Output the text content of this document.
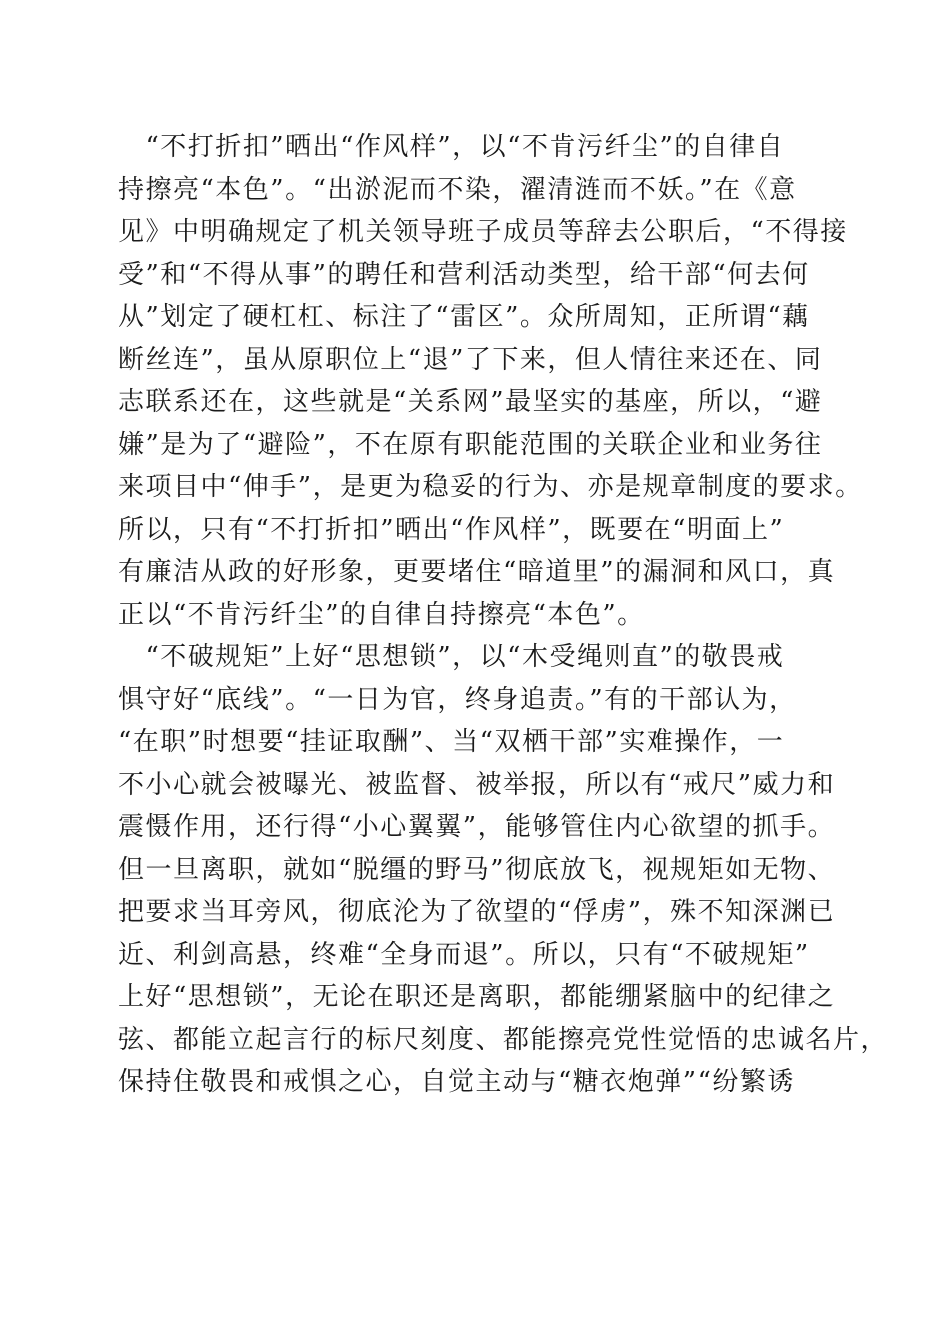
　“不打折扣”晒出“作风样”，以“不肯污纤尘”的自律自
持擦亮“本色”。“出淤泥而不染，濯清涟而不妖。”在《意
见》中明确规定了机关领导班子成员等辞去公职后，“不得接
受”和“不得从事”的聘任和营利活动类型，给干部“何去何
从”划定了硬杠杠、标注了“雷区”。众所周知，正所谓“藕
断丝连”，虽从原职位上“退”了下来，但人情往来还在、同
志联系还在，这些就是“关系网”最坚实的基座，所以，“避
嫌”是为了“避险”，不在原有职能范围的关联企业和业务往
来项目中“伸手”，是更为稳妥的行为、亦是规章制度的要求。
所以，只有“不打折扣”晒出“作风样”，既要在“明面上”
有廉洁从政的好形象，更要堵住“暗道里”的漏洞和风口，真
正以“不肯污纤尘”的自律自持擦亮“本色”。
　“不破规矩”上好“思想锁”，以“木受绳则直”的敬畏戒
惧守好“底线”。“一日为官，终身追责。”有的干部认为，
“在职”时想要“挂证取酬”、当“双栖干部”实难操作，一
不小心就会被曝光、被监督、被举报，所以有“戒尺”威力和
震慑作用，还行得“小心翼翼”，能够管住内心欲望的抓手。
但一旦离职，就如“脱缰的野马”彻底放飞，视规矩如无物、
把要求当耳旁风，彻底沦为了欲望的“俘虏”，殊不知深渊已
近、利剑高悬，终难“全身而退”。所以，只有“不破规矩”
上好“思想锁”，无论在职还是离职，都能绷紧脑中的纪律之
弦、都能立起言行的标尺刻度、都能擦亮党性觉悟的忠诚名片，
保持住敬畏和戒惧之心，自觉主动与“糖衣炮弹”“纷繁诱
